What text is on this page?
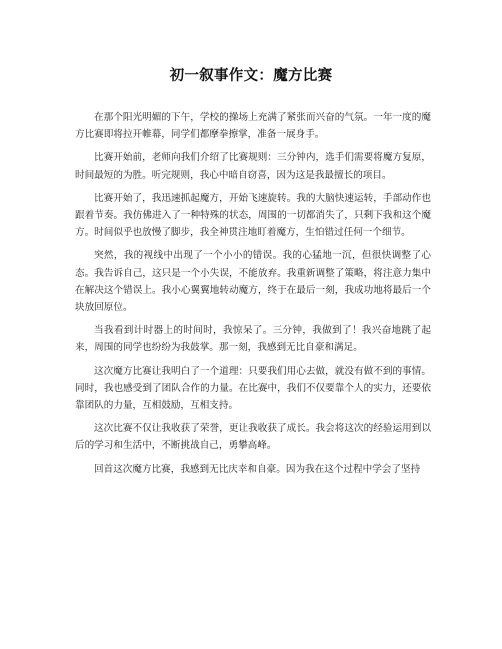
初一叙事作文：魔方比赛

在那个阳光明媚的下午，学校的操场上充满了紧张而兴奋的气氛。一年一度的魔方比赛即将拉开帷幕，同学们都摩拳擦掌，准备一展身手。

比赛开始前，老师向我们介绍了比赛规则：三分钟内，选手们需要将魔方复原，时间最短的为胜。听完规则，我心中暗自窃喜，因为这是我最擅长的项目。

比赛开始了，我迅速抓起魔方，开始飞速旋转。我的大脑快速运转，手部动作也跟着节奏。我仿佛进入了一种特殊的状态，周围的一切都消失了，只剩下我和这个魔方。时间似乎也放慢了脚步，我全神贯注地盯着魔方，生怕错过任何一个细节。

突然，我的视线中出现了一个小小的错误。我的心猛地一沉，但很快调整了心态。我告诉自己，这只是一个小失误，不能放弃。我重新调整了策略，将注意力集中在解决这个错误上。我小心翼翼地转动魔方，终于在最后一刻，我成功地将最后一个块放回原位。

当我看到计时器上的时间时，我惊呆了。三分钟，我做到了！我兴奋地跳了起来，周围的同学也纷纷为我鼓掌。那一刻，我感到无比自豪和满足。

这次魔方比赛让我明白了一个道理：只要我们用心去做，就没有做不到的事情。同时，我也感受到了团队合作的力量。在比赛中，我们不仅要靠个人的实力，还要依靠团队的力量，互相鼓励，互相支持。

这次比赛不仅让我收获了荣誉，更让我收获了成长。我会将这次的经验运用到以后的学习和生活中，不断挑战自己，勇攀高峰。

回首这次魔方比赛，我感到无比庆幸和自豪。因为我在这个过程中学会了坚持
